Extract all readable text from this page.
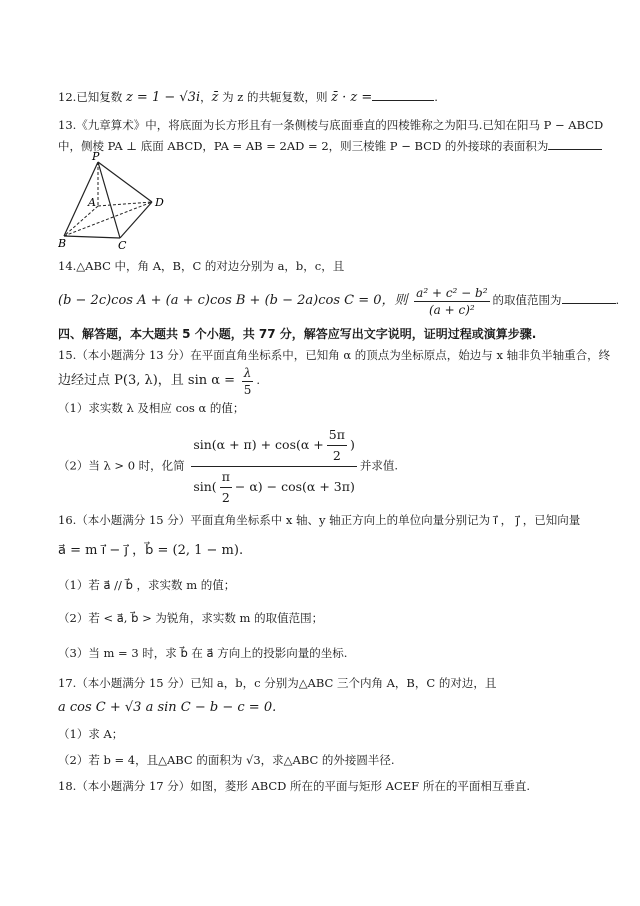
12.已知复数 z = 1 − √3i，z̄ 为 z 的共轭复数，则 z̄ · z =	.
13.《九章算术》中，将底面为长方形且有一条侧棱与底面垂直的四棱锥称之为阳马.已知在阳马 P − ABCD
中，侧棱 PA ⊥ 底面 ABCD，PA = AB = 2AD = 2，则三棱锥 P − BCD 的外接球的表面积为
P
A
B	C
D
14.△ABC 中，角 A，B，C 的对边分别为 a，b，c，且
(b − 2c)cos A + (a + c)cos B + (b − 2a)cos C = 0，则 $\frac{\text{a² + c² − b²}}{\text{(a + c)²}}$ 的取值范围为	.
四、解答题，本大题共 5 个小题，共 77 分，解答应写出文字说明，证明过程或演算步骤.
15.（本小题满分 13 分）在平面直角坐标系中，已知角 α 的顶点为坐标原点，始边与 x 轴非负半轴重合，终
边经过点 P(3, λ)，且 $\sin \alpha = \frac{\lambda}{5}$ .
（1）求实数 λ 及相应 cos α 的值；
（2）当 λ > 0 时，化简 $\frac{\sin(\alpha + \pi) + \cos(\alpha + \frac{5\pi}{2} )}{\sin( \frac{\pi}{2} - \alpha) - \cos(\alpha + 3\pi)}$ 并求值.
16.（本小题满分 15 分）平面直角坐标系中 x 轴、y 轴正方向上的单位向量分别记为 i⃗ ， j⃗ ，已知向量
a⃗ = m i⃗ − j⃗ ，b⃗ = (2, 1 − m).
（1）若 a⃗ // b⃗ ，求实数 m 的值；
（2）若 < a⃗, b⃗ > 为锐角，求实数 m 的取值范围；
（3）当 m = 3 时，求 b⃗ 在 a⃗ 方向上的投影向量的坐标.
17.（本小题满分 15 分）已知 a，b，c 分别为△ABC 三个内角 A，B，C 的对边，且
a cos C + √3 a sin C − b − c = 0.
（1）求 A；
（2）若 b = 4，且△ABC 的面积为 √3，求△ABC 的外接圆半径.
18.（本小题满分 17 分）如图，菱形 ABCD 所在的平面与矩形 ACEF 所在的平面相互垂直.
